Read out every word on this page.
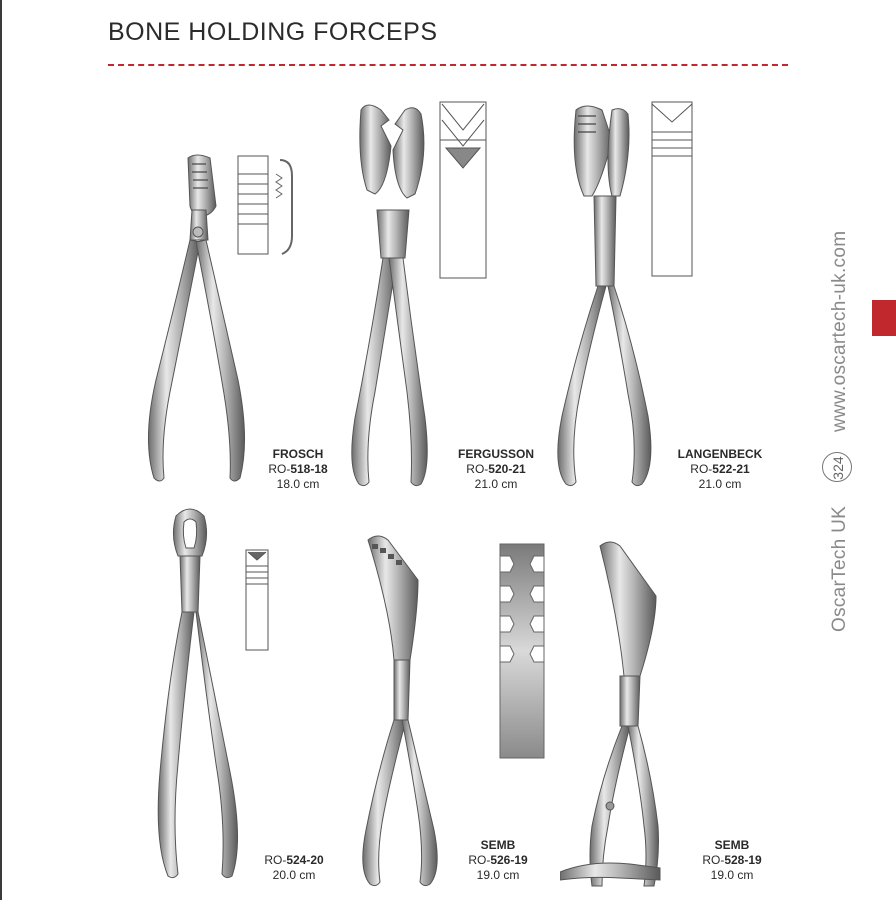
BONE HOLDING FORCEPS
www.oscartech-uk.com
324
OscarTech UK
FROSCH
RO-518-18
18.0 cm
FERGUSSON
RO-520-21
21.0 cm
LANGENBECK
RO-522-21
21.0 cm
RO-524-20
20.0 cm
SEMB
RO-526-19
19.0 cm
SEMB
RO-528-19
19.0 cm
